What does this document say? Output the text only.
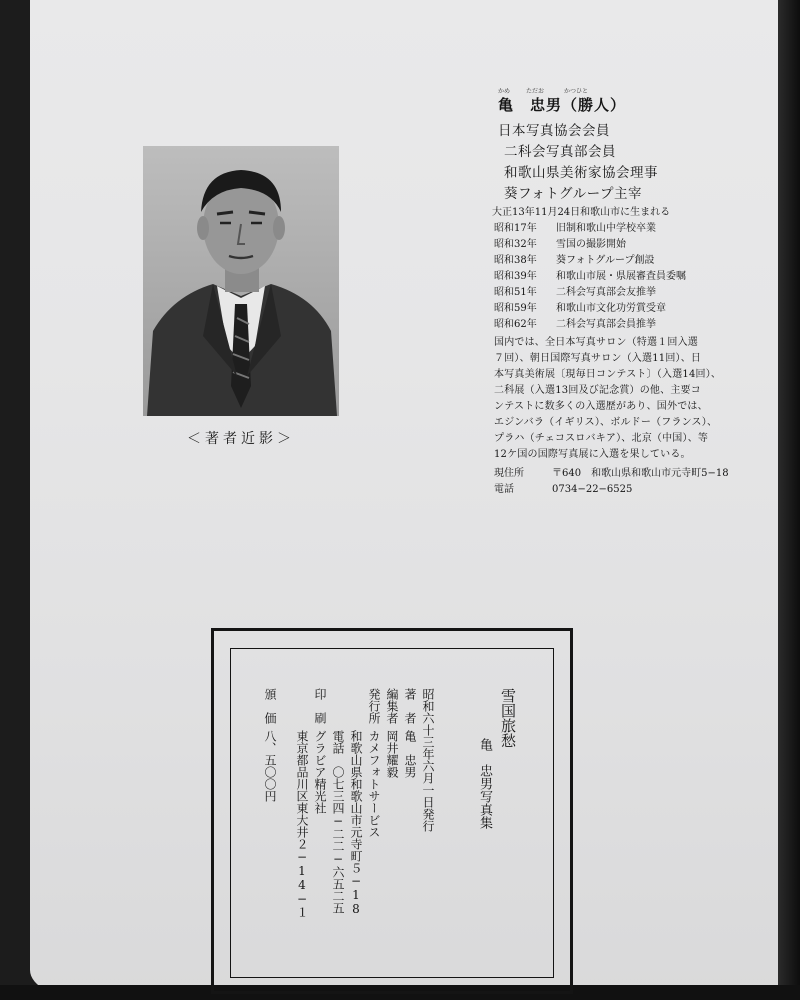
＜著者近影＞
かめ	ただお	かつひと
亀　忠男（勝人）
日本写真協会会員
二科会写真部会員
和歌山県美術家協会理事
葵フォトグループ主宰
大正13年11月24日和歌山市に生まれる
昭和17年 旧制和歌山中学校卒業
昭和32年 雪国の撮影開始
昭和38年 葵フォトグループ創設
昭和39年 和歌山市展・県展審査員委嘱
昭和51年 二科会写真部会友推挙
昭和59年 和歌山市文化功労賞受章
昭和62年 二科会写真部会員推挙
国内では、全日本写真サロン（特選１回入選
７回）、朝日国際写真サロン（入選11回）、日
本写真美術展〔現毎日コンテスト〕（入選14回）、
二科展（入選13回及び記念賞）の他、主要コ
ンテストに数多くの入選歴があり、国外では、
エジンバラ（イギリス）、ボルドー（フランス）、
プラハ（チェコスロバキア）、北京（中国）、等
12ケ国の国際写真展に入選を果している。
現住所	〒640　和歌山県和歌山市元寺町5−18
電話	0734−22−6525
雪国旅愁
亀　忠男写真集
昭和六十三年六月一日発行
著　者
亀　忠男
編集者
岡井耀毅
発行所
カメフォトサービス
和歌山県和歌山市元寺町５−18
電話　〇七三四−二二−六五二五
印　刷
グラビア精光社
東京都品川区東大井２−14−１
頒　価
八、五〇〇円
